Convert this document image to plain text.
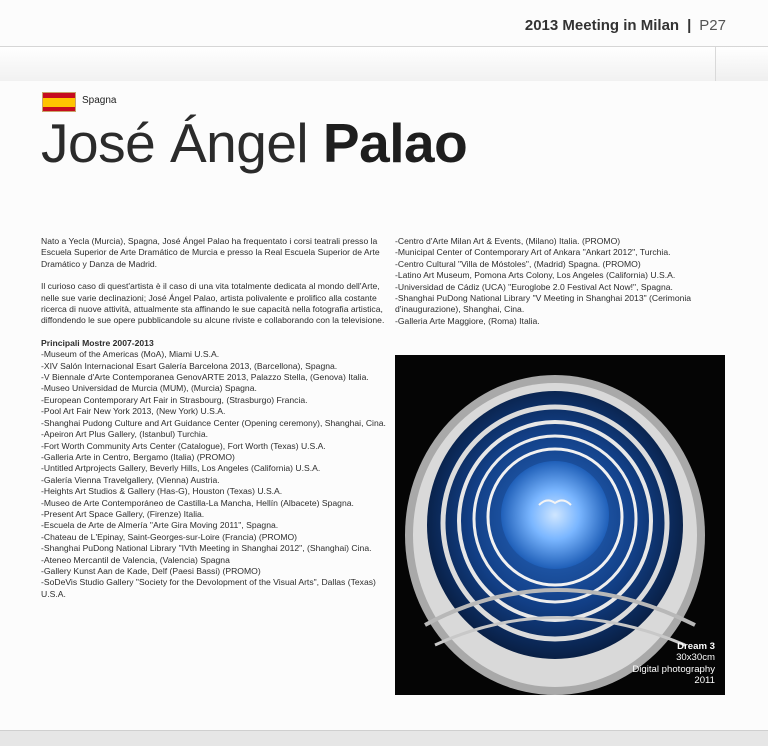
2013 Meeting in Milan | P27
Spagna
José Ángel Palao

Nato a Yecla (Murcia), Spagna, José Ángel Palao ha frequentato i corsi teatrali presso la Escuela Superior de Arte Dramático de Murcia e presso la Real Escuela Superior de Arte Dramático y Danza de Madrid.

Il curioso caso di quest'artista è il caso di una vita totalmente dedicata al mondo dell'Arte, nelle sue varie declinazioni; José Ángel Palao, artista polivalente e prolifico alla costante ricerca di nuove attività, attualmente sta affinando le sue capacità nella fotografia artistica, diffondendo le sue opere pubblicandole su alcune riviste e collaborando con la televisione.

Principali Mostre 2007-2013
-Museum of the Americas (MoA), Miami U.S.A.
-XIV Salón Internacional Esart Galería Barcelona 2013, (Barcellona), Spagna.
-V Biennale d'Arte Contemporanea GenovARTE 2013, Palazzo Stella, (Genova) Italia.
-Museo Universidad de Murcia (MUM), (Murcia) Spagna.
-European Contemporary Art Fair in Strasbourg, (Strasburgo) Francia.
-Pool Art Fair New York 2013, (New York) U.S.A.
-Shanghai Pudong Culture and Art Guidance Center (Opening ceremony), Shanghai, Cina.
-Apeiron Art Plus Gallery, (Istanbul) Turchia.
-Fort Worth Community Arts Center (Catalogue), Fort Worth (Texas) U.S.A.
-Galleria Arte in Centro, Bergamo (Italia) (PROMO)
-Untitled Artprojects Gallery, Beverly Hills, Los Angeles (California) U.S.A.
-Galería Vienna Travelgallery, (Vienna) Austria.
-Heights Art Studios & Gallery (Has-G), Houston (Texas) U.S.A.
-Museo de Arte Contemporáneo de Castilla-La Mancha, Hellín (Albacete) Spagna.
-Present Art Space Gallery, (Firenze) Italia.
-Escuela de Arte de Almería "Arte Gira Moving 2011", Spagna.
-Chateau de L'Epinay, Saint-Georges-sur-Loire (Francia) (PROMO)
-Shanghai PuDong National Library "IVth Meeting in Shanghai 2012", (Shanghai) Cina.
-Ateneo Mercantil de Valencia, (Valencia) Spagna
-Gallery Kunst Aan de Kade, Delf (Paesi Bassi) (PROMO)
-SoDeVis Studio Gallery "Society for the Devolopment of the Visual Arts", Dallas (Texas) U.S.A.
-Centro d'Arte Milan Art & Events, (Milano) Italia. (PROMO)
-Municipal Center of Contemporary Art of Ankara "Ankart 2012", Turchia.
-Centro Cultural "Villa de Móstoles", (Madrid) Spagna. (PROMO)
-Latino Art Museum, Pomona Arts Colony, Los Angeles (California) U.S.A.
-Universidad de Cádiz (UCA) "Euroglobe 2.0 Festival Act Now!", Spagna.
-Shanghai PuDong National Library "V Meeting in Shanghai 2013" (Cerimonia d'inaugurazione), Shanghai, Cina.
-Galleria Arte Maggiore, (Roma) Italia.
Dream 3
30x30cm
Digital photography
2011
